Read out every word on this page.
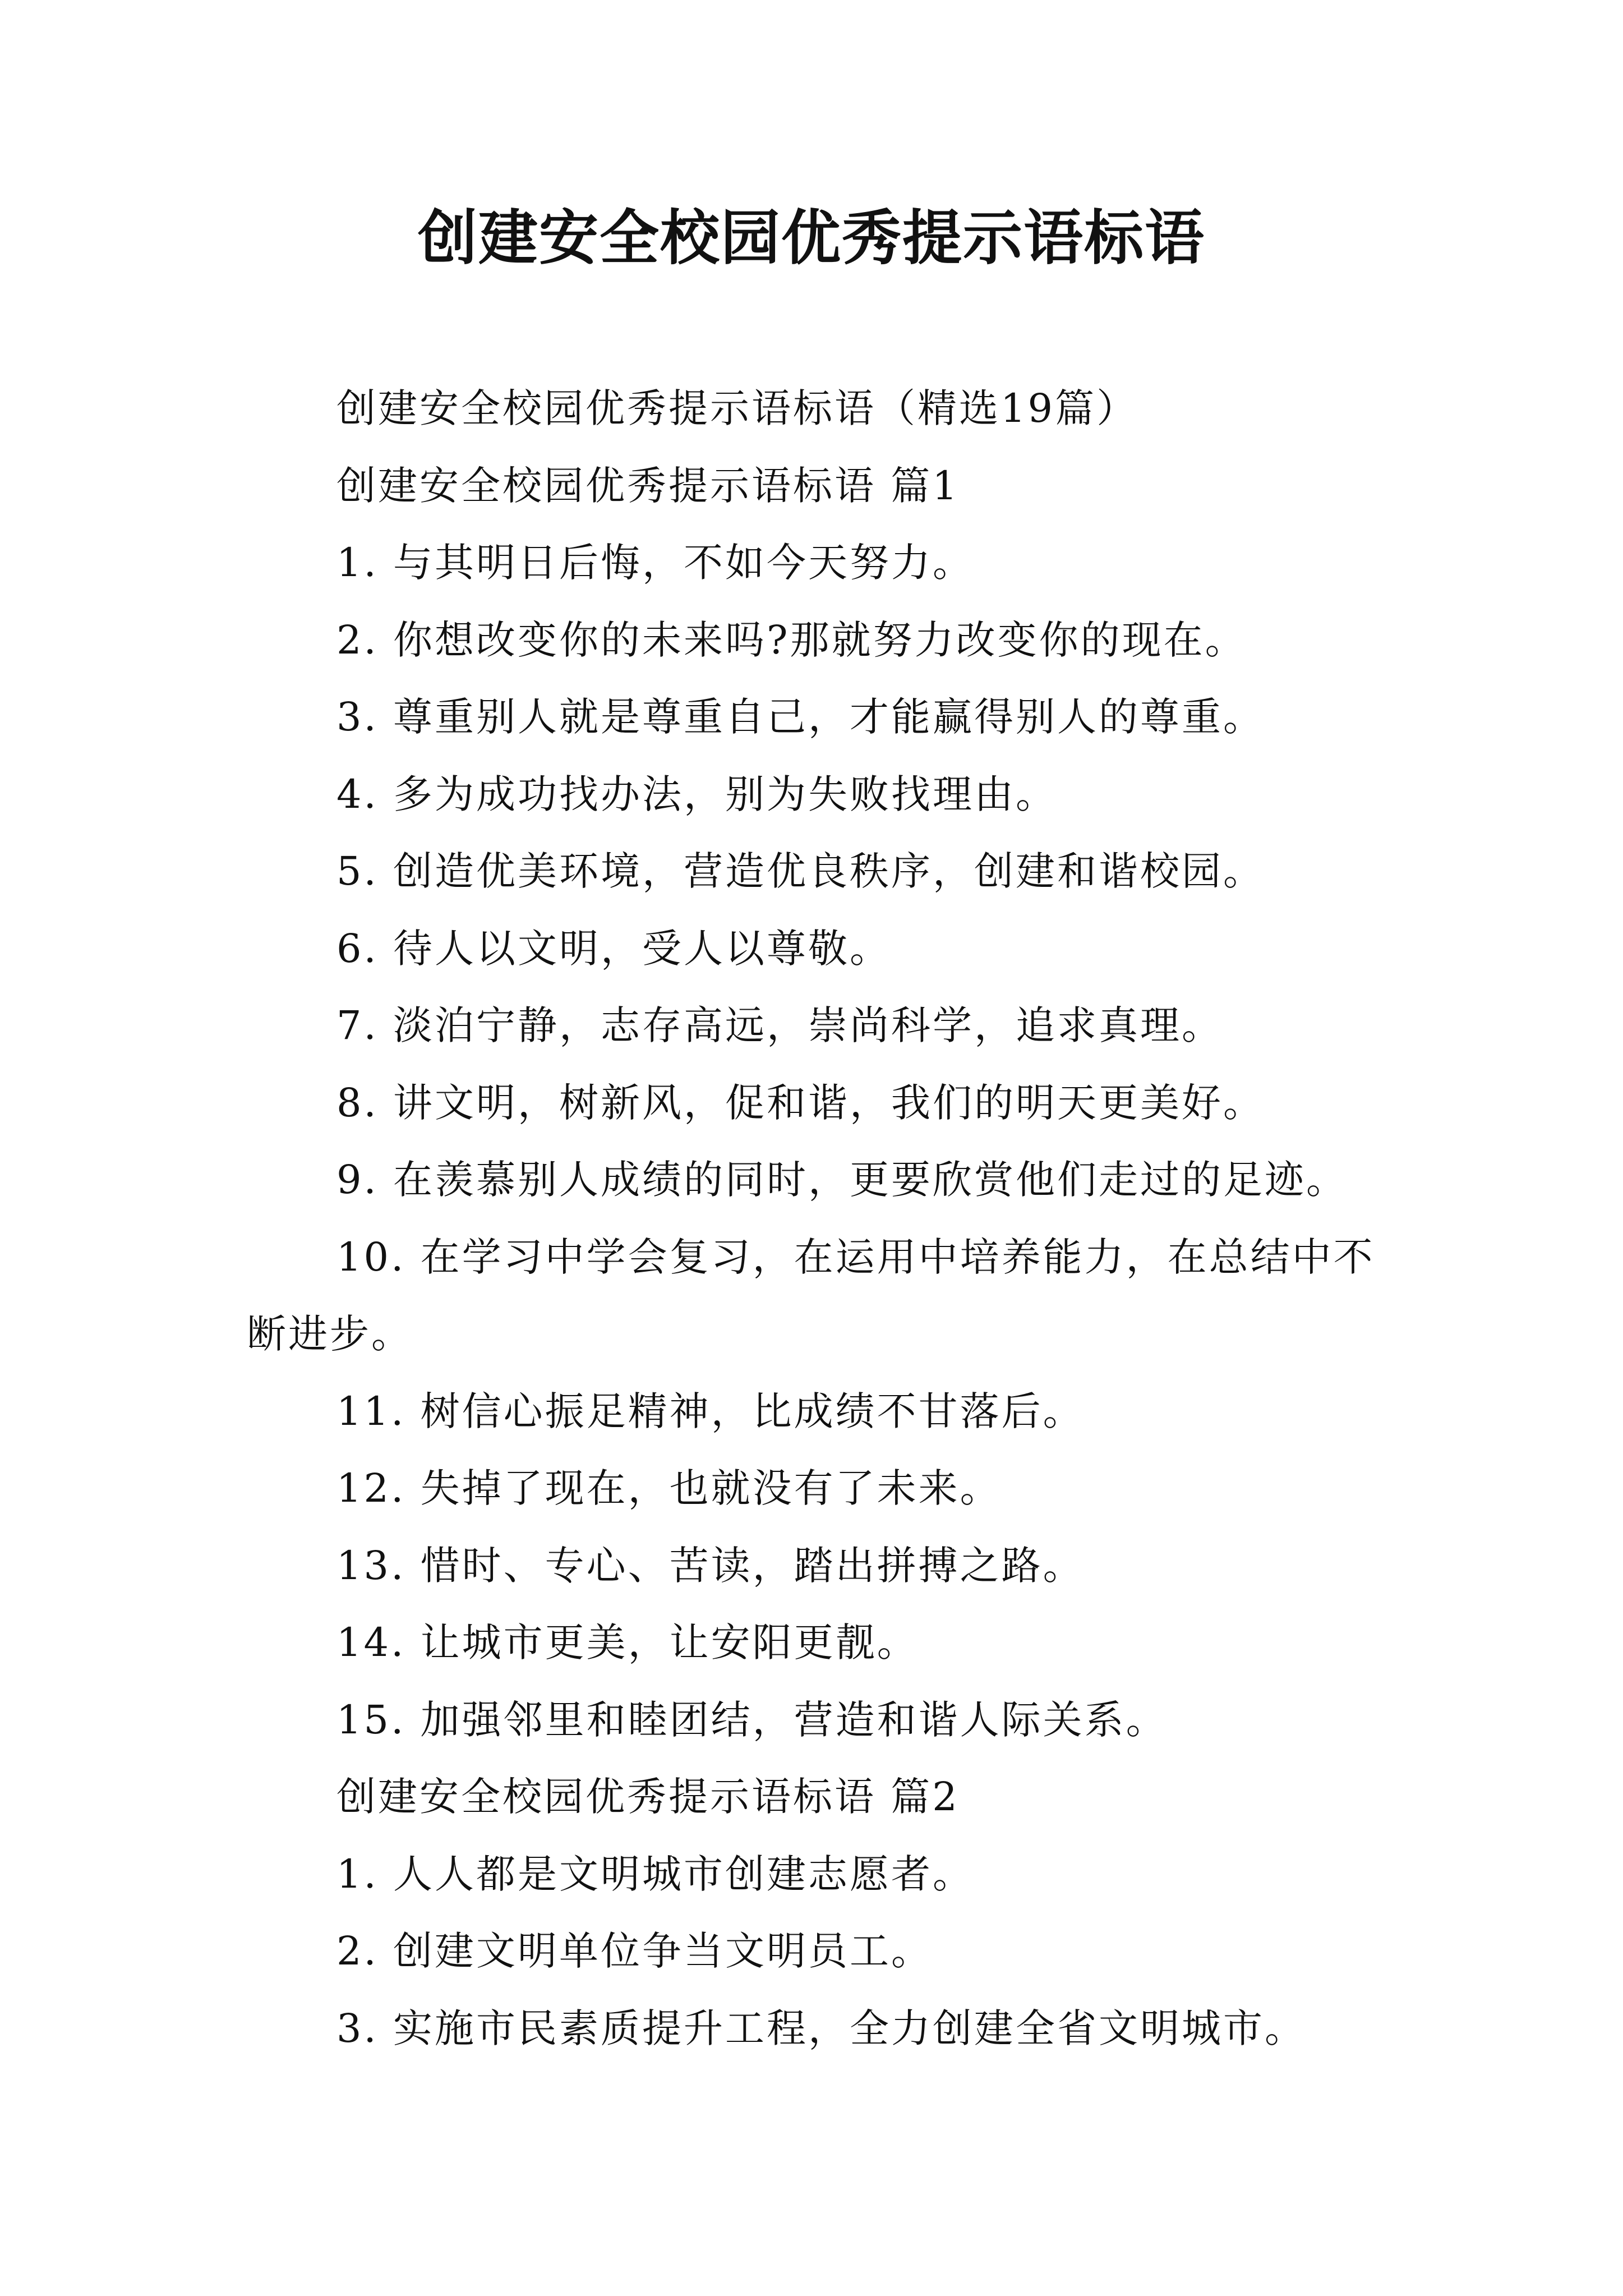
创建安全校园优秀提示语标语

创建安全校园优秀提示语标语（精选19篇）

创建安全校园优秀提示语标语 篇1

1. 与其明日后悔，不如今天努力。

2. 你想改变你的未来吗?那就努力改变你的现在。

3. 尊重别人就是尊重自己，才能赢得别人的尊重。

4. 多为成功找办法，别为失败找理由。

5. 创造优美环境，营造优良秩序，创建和谐校园。

6. 待人以文明，受人以尊敬。

7. 淡泊宁静，志存高远，崇尚科学，追求真理。

8. 讲文明，树新风，促和谐，我们的明天更美好。

9. 在羡慕别人成绩的同时，更要欣赏他们走过的足迹。

10. 在学习中学会复习，在运用中培养能力，在总结中不断进步。

11. 树信心振足精神，比成绩不甘落后。

12. 失掉了现在，也就没有了未来。

13. 惜时、专心、苦读，踏出拼搏之路。

14. 让城市更美，让安阳更靓。

15. 加强邻里和睦团结，营造和谐人际关系。

创建安全校园优秀提示语标语 篇2

1. 人人都是文明城市创建志愿者。

2. 创建文明单位争当文明员工。

3. 实施市民素质提升工程，全力创建全省文明城市。
